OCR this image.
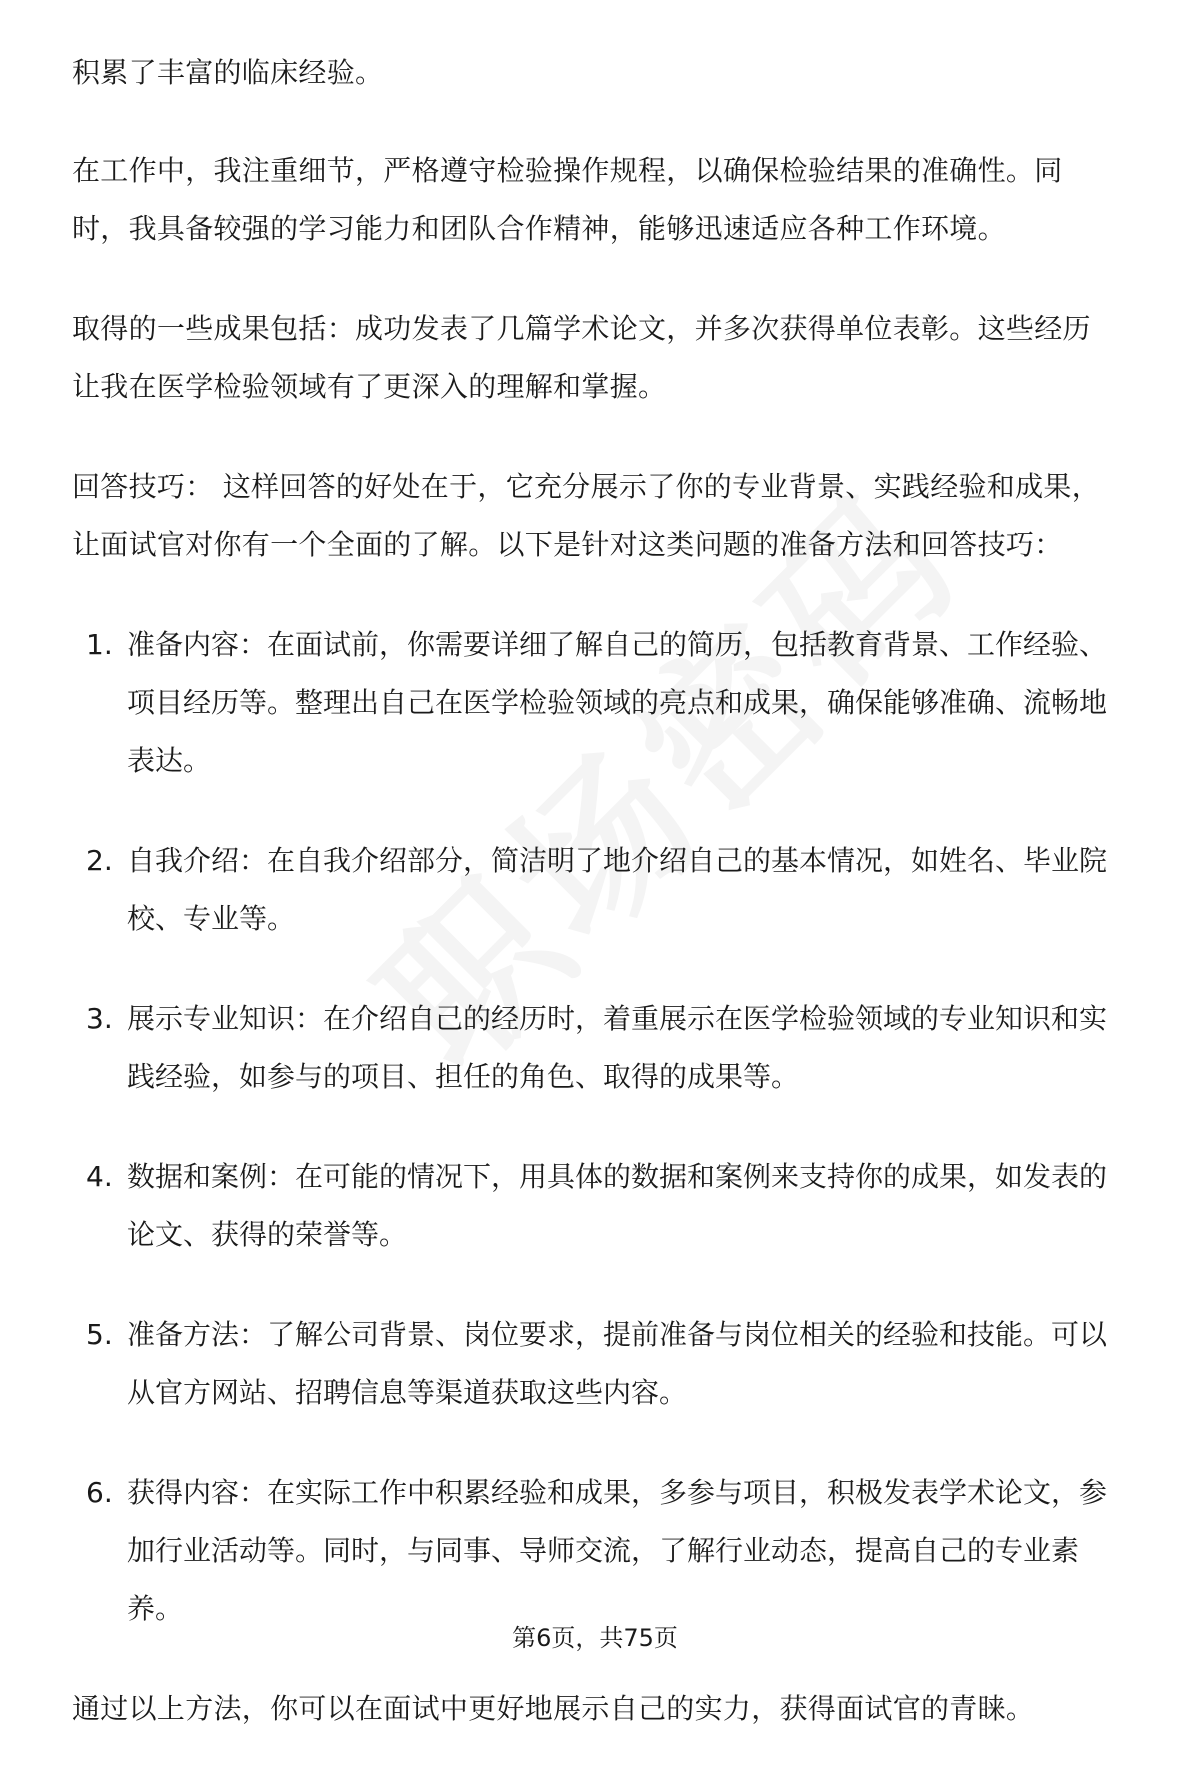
积累了丰富的临床经验。

在工作中，我注重细节，严格遵守检验操作规程，以确保检验结果的准确性。同时，我具备较强的学习能力和团队合作精神，能够迅速适应各种工作环境。

取得的一些成果包括：成功发表了几篇学术论文，并多次获得单位表彰。这些经历让我在医学检验领域有了更深入的理解和掌握。

回答技巧： 这样回答的好处在于，它充分展示了你的专业背景、实践经验和成果，让面试官对你有一个全面的了解。以下是针对这类问题的准备方法和回答技巧：

1. 准备内容：在面试前，你需要详细了解自己的简历，包括教育背景、工作经验、项目经历等。整理出自己在医学检验领域的亮点和成果，确保能够准确、流畅地表达。
2. 自我介绍：在自我介绍部分，简洁明了地介绍自己的基本情况，如姓名、毕业院校、专业等。
3. 展示专业知识：在介绍自己的经历时，着重展示在医学检验领域的专业知识和实践经验，如参与的项目、担任的角色、取得的成果等。
4. 数据和案例：在可能的情况下，用具体的数据和案例来支持你的成果，如发表的论文、获得的荣誉等。
5. 准备方法：了解公司背景、岗位要求，提前准备与岗位相关的经验和技能。可以从官方网站、招聘信息等渠道获取这些内容。
6. 获得内容：在实际工作中积累经验和成果，多参与项目，积极发表学术论文，参加行业活动等。同时，与同事、导师交流，了解行业动态，提高自己的专业素养。

通过以上方法，你可以在面试中更好地展示自己的实力，获得面试官的青睐。

第6页，共75页
